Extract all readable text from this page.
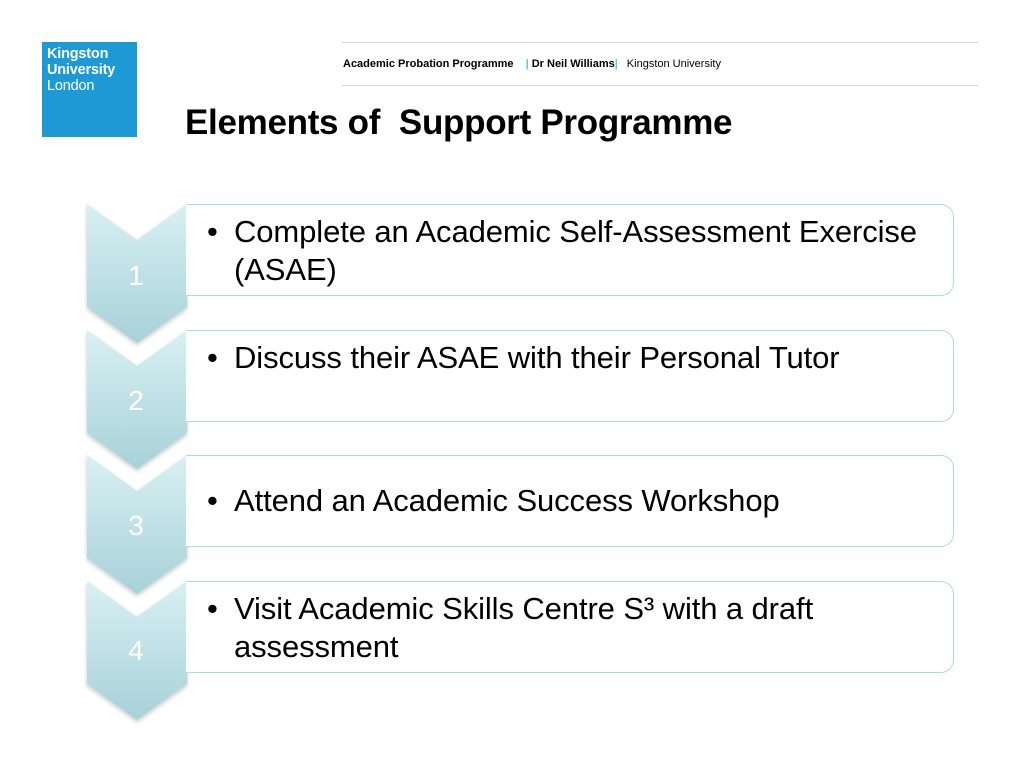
Kingston
University
London
Academic Probation Programme | Dr Neil Williams| Kingston University
Elements of  Support Programme
1
• Complete an Academic Self-Assessment Exercise (ASAE)
2
• Discuss their ASAE with their Personal Tutor
3
• Attend an Academic Success Workshop
4
• Visit Academic Skills Centre S³ with a draft assessment
